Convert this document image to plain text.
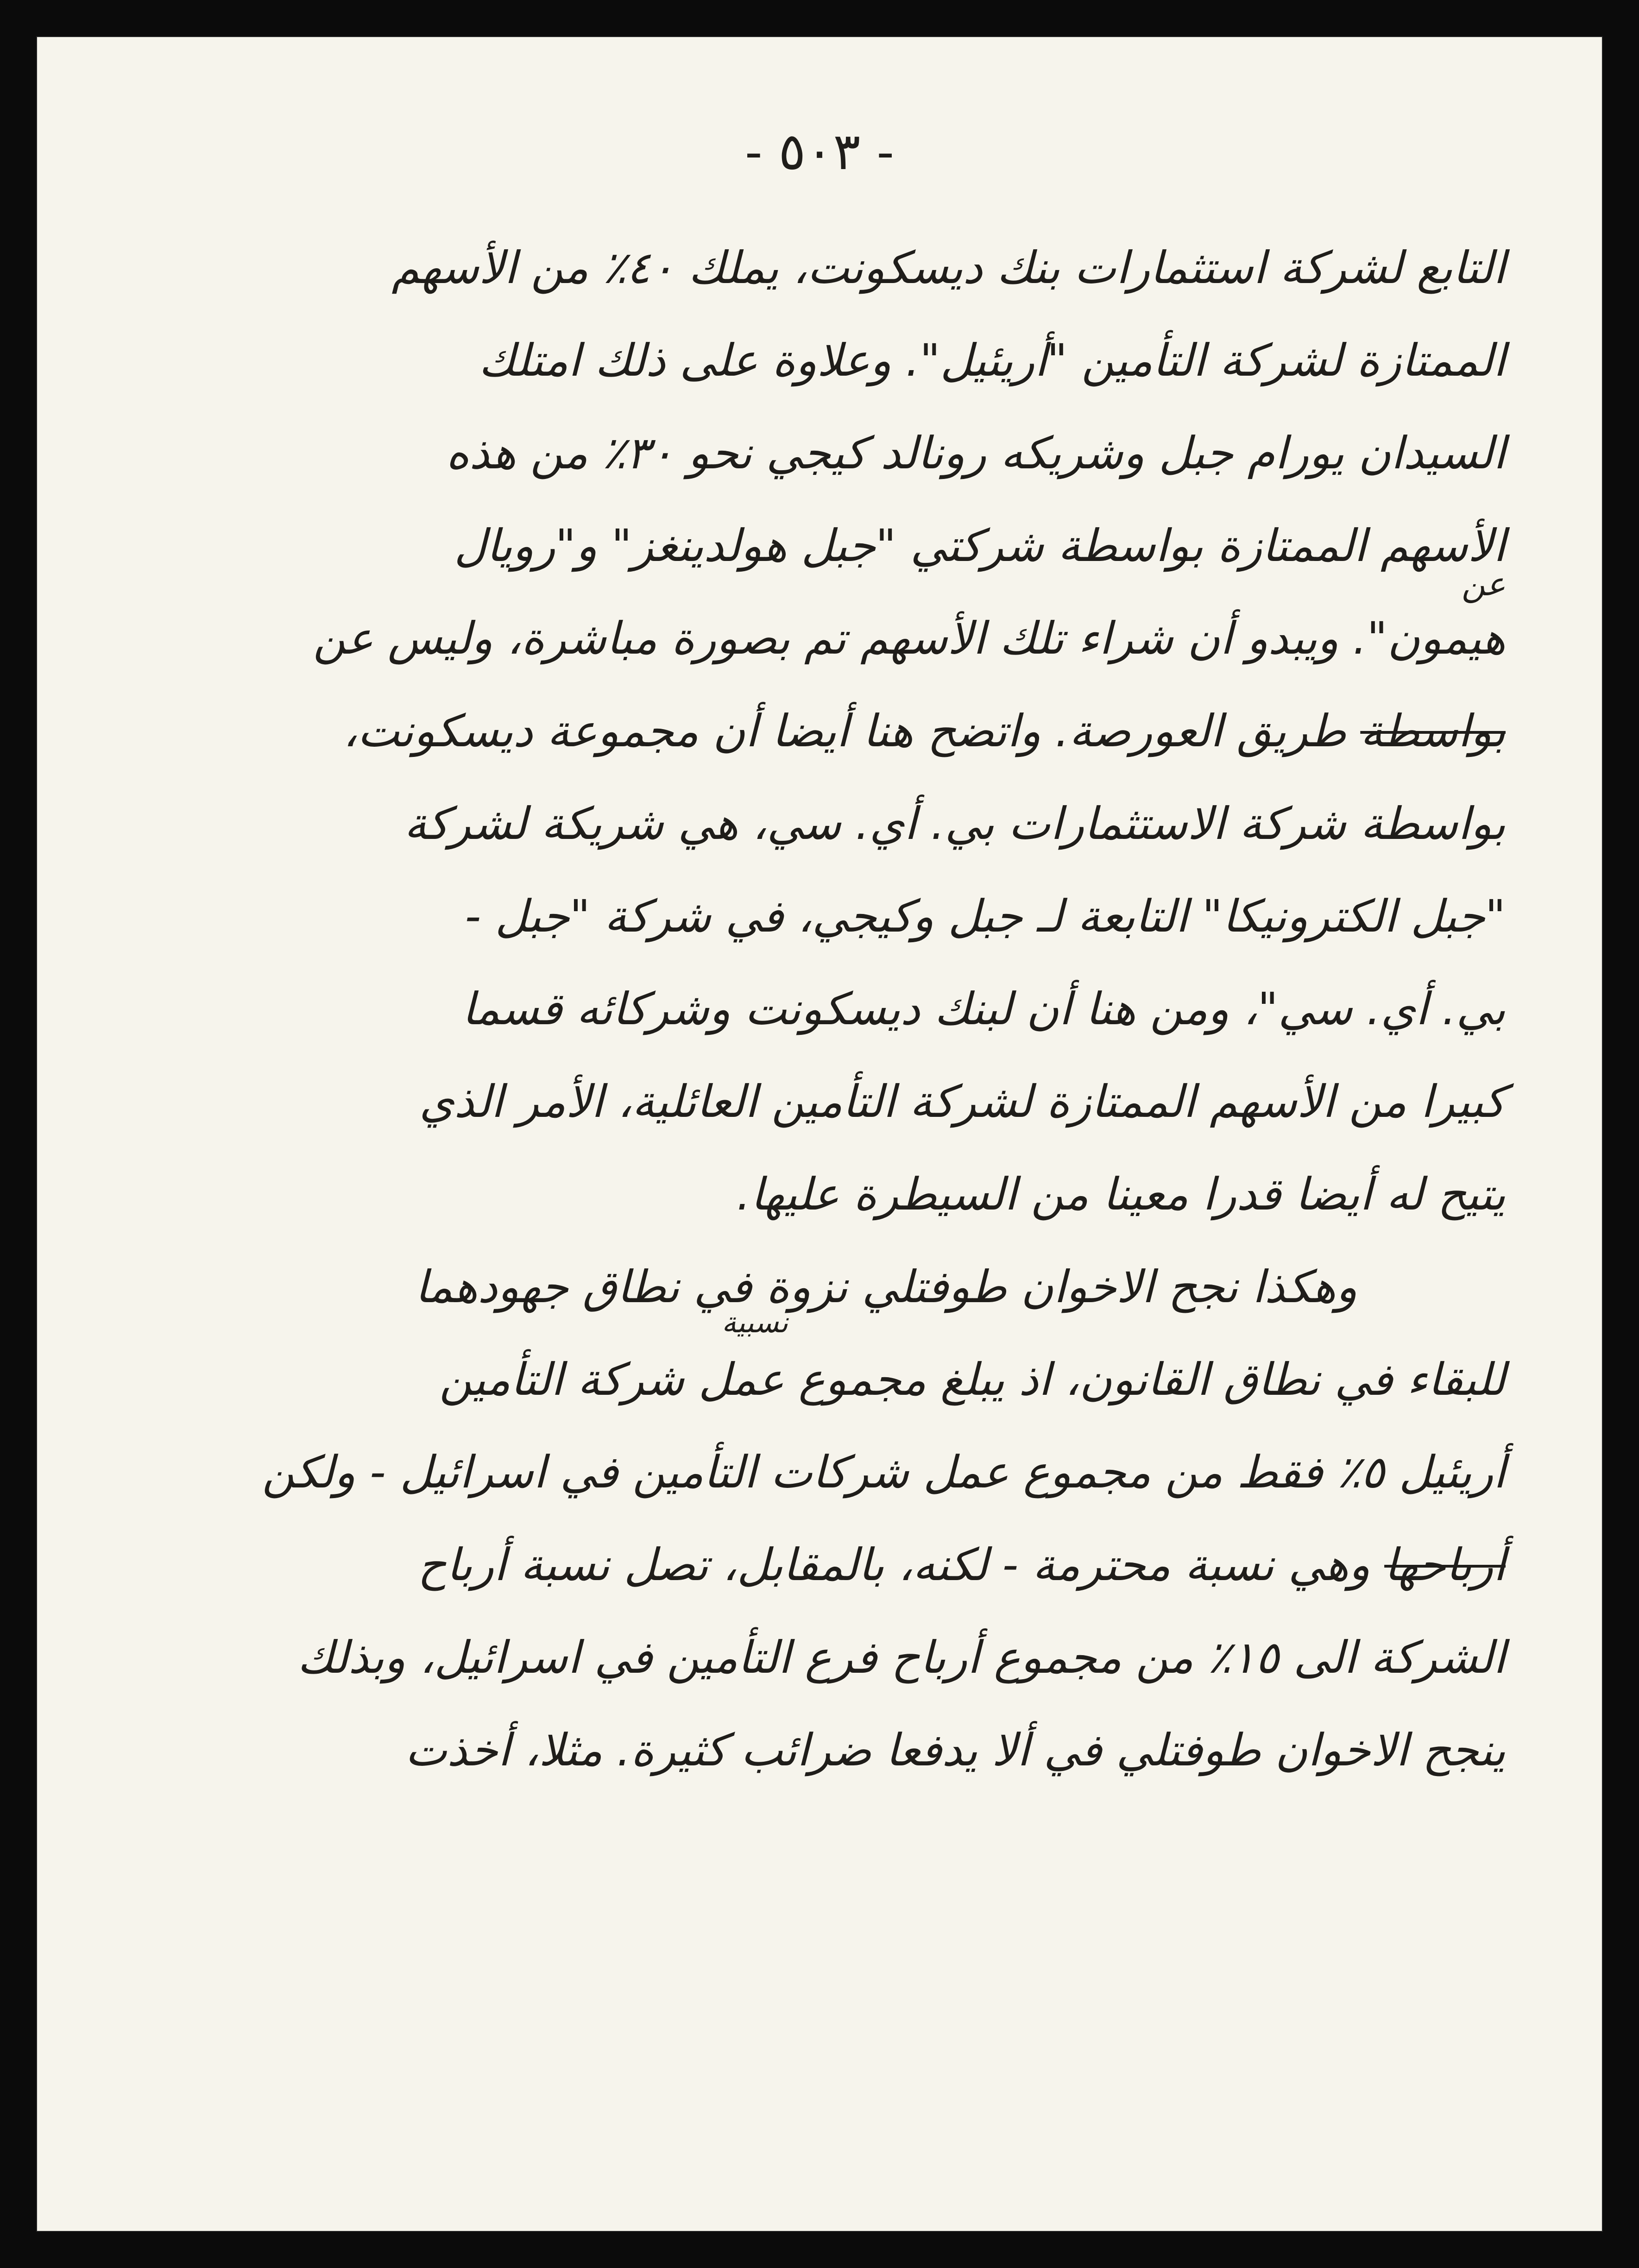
- ٥٠٣ -
عن
نسبية
التابع لشركة استثمارات بنك ديسكونت، يملك ٤٠٪ من الأسهم
الممتازة لشركة التأمين "أريئيل". وعلاوة على ذلك امتلك
السيدان يورام جبل وشريكه رونالد كيجي نحو ٣٠٪ من هذه
الأسهم الممتازة بواسطة شركتي "جبل هولدينغز" و"رويال
هيمون". ويبدو أن شراء تلك الأسهم تم بصورة مباشرة، وليس عن
بواسطة طريق العورصة. واتضح هنا أيضا أن مجموعة ديسكونت،
بواسطة شركة الاستثمارات بي. أي. سي، هي شريكة لشركة
"جبل الكترونيكا" التابعة لـ جبل وكيجي، في شركة "جبل -
بي. أي. سي"، ومن هنا أن لبنك ديسكونت وشركائه قسما
كبيرا من الأسهم الممتازة لشركة التأمين العائلية، الأمر الذي
يتيح له أيضا قدرا معينا من السيطرة عليها.
وهكذا نجح الاخوان طوفتلي نزوة في نطاق جهودهما
للبقاء في نطاق القانون، اذ يبلغ مجموع عمل شركة التأمين
أريئيل ٥٪ فقط من مجموع عمل شركات التأمين في اسرائيل - ولكن
أرباحها وهي نسبة محترمة - لكنه، بالمقابل، تصل نسبة أرباح
الشركة الى ١٥٪ من مجموع أرباح فرع التأمين في اسرائيل، وبذلك
ينجح الاخوان طوفتلي في ألا يدفعا ضرائب كثيرة. مثلا، أخذت
